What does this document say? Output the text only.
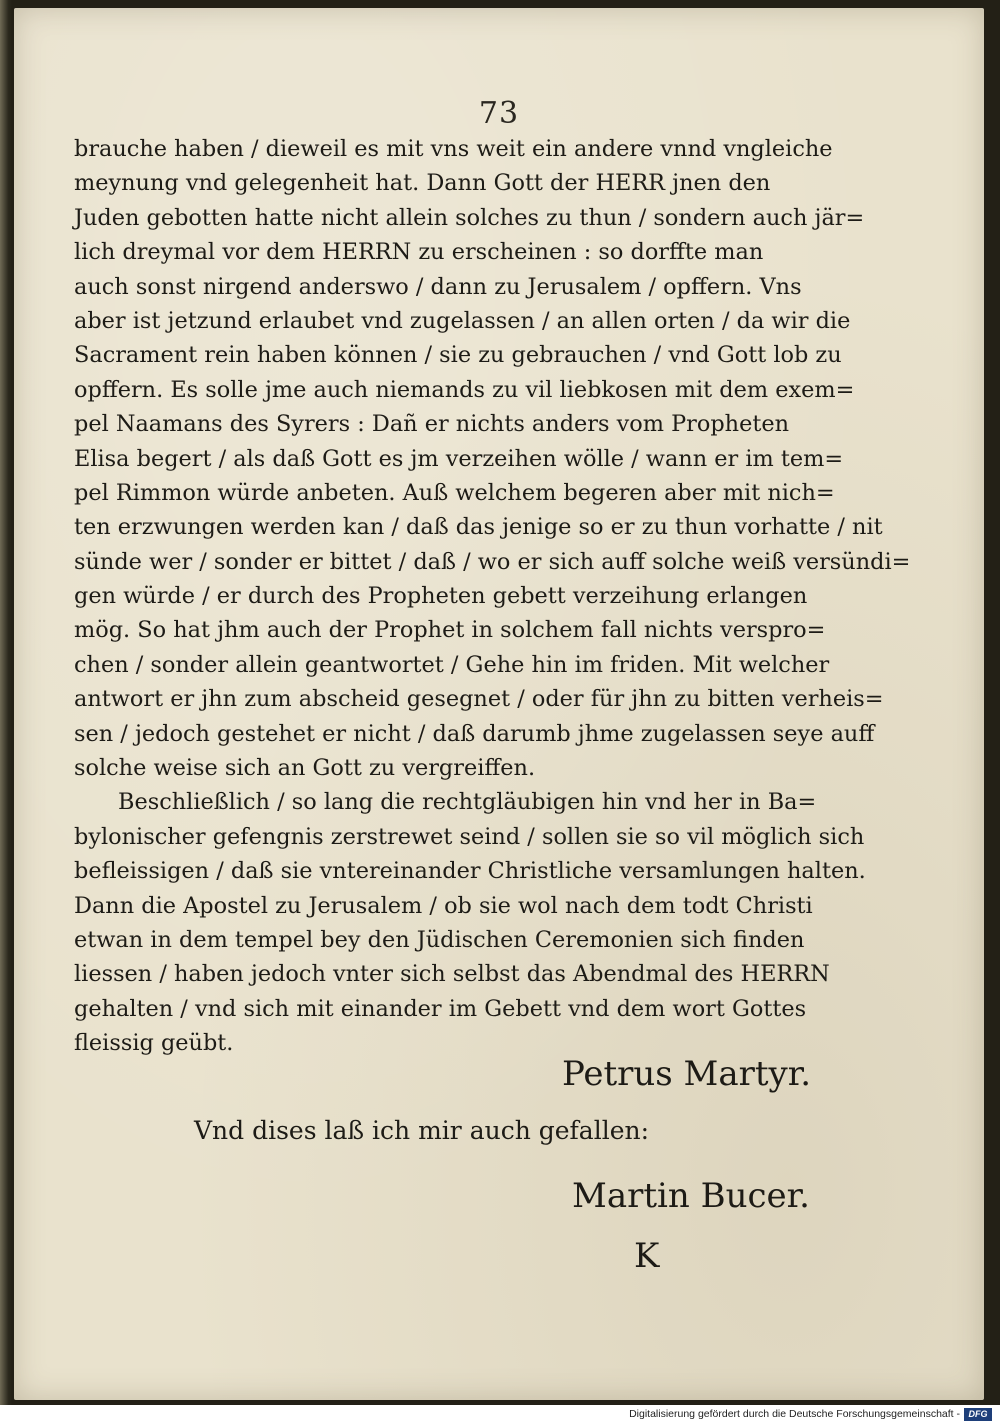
73
brauche haben / dieweil es mit vns weit ein andere vnnd vngleiche
meynung vnd gelegenheit hat. Dann Gott der HERR jnen den
Juden gebotten hatte nicht allein solches zu thun / sondern auch jär=
lich dreymal vor dem HERRN zu erscheinen : so dorffte man
auch sonst nirgend anderswo / dann zu Jerusalem / opffern. Vns
aber ist jetzund erlaubet vnd zugelassen / an allen orten / da wir die
Sacrament rein haben können / sie zu gebrauchen / vnd Gott lob zu
opffern. Es solle jme auch niemands zu vil liebkosen mit dem exem=
pel Naamans des Syrers : Dañ er nichts anders vom Propheten
Elisa begert / als daß Gott es jm verzeihen wölle / wann er im tem=
pel Rimmon würde anbeten. Auß welchem begeren aber mit nich=
ten erzwungen werden kan / daß das jenige so er zu thun vorhatte / nit
sünde wer / sonder er bittet / daß / wo er sich auff solche weiß versündi=
gen würde / er durch des Propheten gebett verzeihung erlangen
mög. So hat jhm auch der Prophet in solchem fall nichts verspro=
chen / sonder allein geantwortet / Gehe hin im friden. Mit welcher
antwort er jhn zum abscheid gesegnet / oder für jhn zu bitten verheis=
sen / jedoch gestehet er nicht / daß darumb jhme zugelassen seye auff
solche weise sich an Gott zu vergreiffen.
Beschließlich / so lang die rechtgläubigen hin vnd her in Ba=
bylonischer gefengnis zerstrewet seind / sollen sie so vil möglich sich
befleissigen / daß sie vntereinander Christliche versamlungen halten.
Dann die Apostel zu Jerusalem / ob sie wol nach dem todt Christi
etwan in dem tempel bey den Jüdischen Ceremonien sich finden
liessen / haben jedoch vnter sich selbst das Abendmal des HERRN
gehalten / vnd sich mit einander im Gebett vnd dem wort Gottes
fleissig geübt.
Petrus Martyr.
Vnd dises laß ich mir auch gefallen:
Martin Bucer.
K
Digitalisierung gefördert durch die Deutsche Forschungsgemeinschaft - DFG
